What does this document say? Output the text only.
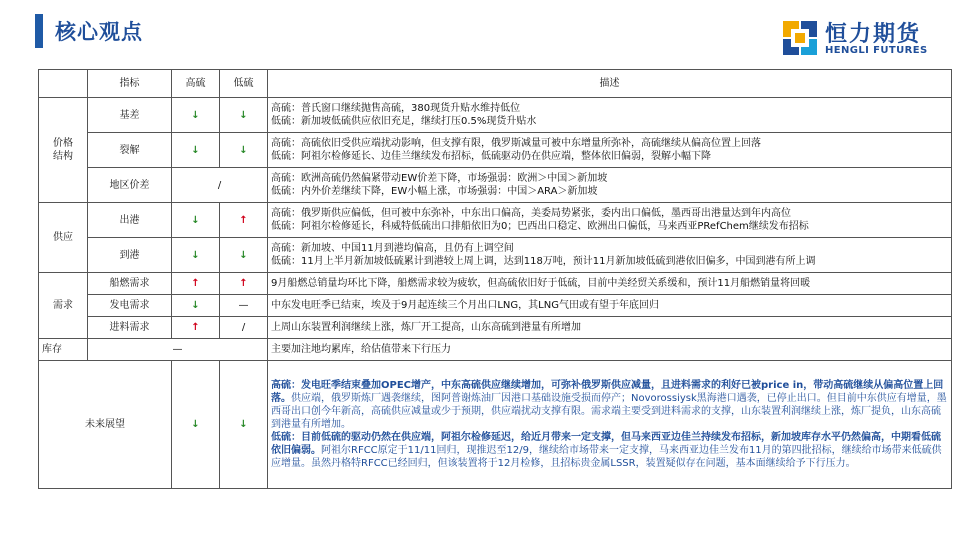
核心观点	恒力期货
HENGLI FUTURES
	指标	高硫	低硫	描述
价格
结构	基差	↓	↓	高硫：普氏窗口继续抛售高硫，380现货升贴水维持低位
低硫：新加坡低硫供应依旧充足，继续打压0.5%现货升贴水
	裂解	↓	↓	高硫：高硫依旧受供应端扰动影响，但支撑有限，俄罗斯减量可被中东增量所弥补，高硫继续从偏高位置上回落
低硫：阿祖尔检修延长、边佳兰继续发布招标，低硫驱动仍在供应端，整体依旧偏弱，裂解小幅下降
	地区价差	/		高硫：欧洲高硫仍然偏紧带动EW价差下降，市场强弱：欧洲＞中国＞新加坡
低硫：内外价差继续下降，EW小幅上涨，市场强弱：中国＞ARA＞新加坡
供应	出港	↓	↑	高硫：俄罗斯供应偏低，但可被中东弥补，中东出口偏高，美委局势紧张，委内出口偏低，墨西哥出港量达到年内高位
低硫：阿祖尔检修延长，科威特低硫出口排船依旧为0；巴西出口稳定、欧洲出口偏低，马来西亚PRefChem继续发布招标
	到港	↓	↓	高硫：新加坡、中国11月到港均偏高，且仍有上调空间
低硫：11月上半月新加坡低硫累计到港较上周上调，达到118万吨，预计11月新加坡低硫到港依旧偏多，中国到港有所上调
需求	船燃需求	↑	↑	9月船燃总销量均环比下降，船燃需求较为疲软，但高硫依旧好于低硫，目前中美经贸关系缓和，预计11月船燃销量将回暖
	发电需求	↓	—	中东发电旺季已结束，埃及于9月起连续三个月出口LNG，其LNG气田或有望于年底回归
	进料需求	↑	/	上周山东装置利润继续上涨，炼厂开工提高，山东高硫到港量有所增加
库存	—			主要加注地均累库，给估值带来下行压力
未来展望		↓	↓	高硫：发电旺季结束叠加OPEC增产，中东高硫供应继续增加，可弥补俄罗斯供应减量，且进料需求的利好已被price in，带动高硫继续从偏高位置上回落。供应端，俄罗斯炼厂遇袭继续，图阿普谢炼油厂因港口基础设施受损而停产；Novorossiysk黑海港口遇袭，已停止出口。但目前中东供应有增量，墨西哥出口创今年新高，高硫供应减量或少于预期，供应端扰动支撑有限。需求端主要受到进料需求的支撑，山东装置利润继续上涨，炼厂提负，山东高硫到港量有所增加。
低硫：目前低硫的驱动仍然在供应端，阿祖尔检修延迟，给近月带来一定支撑，但马来西亚边佳兰持续发布招标，新加坡库存水平仍然偏高，中期看低硫依旧偏弱。阿祖尔RFCC原定于11/11回归，现推迟至12/9，继续给市场带来一定支撑，马来西亚边佳兰发布11月的第四批招标，继续给市场带来低硫供应增量。虽然丹格特RFCC已经回归，但该装置将于12月检修，且招标贵金属LSSR，装置疑似存在问题，基本面继续给予下行压力。
